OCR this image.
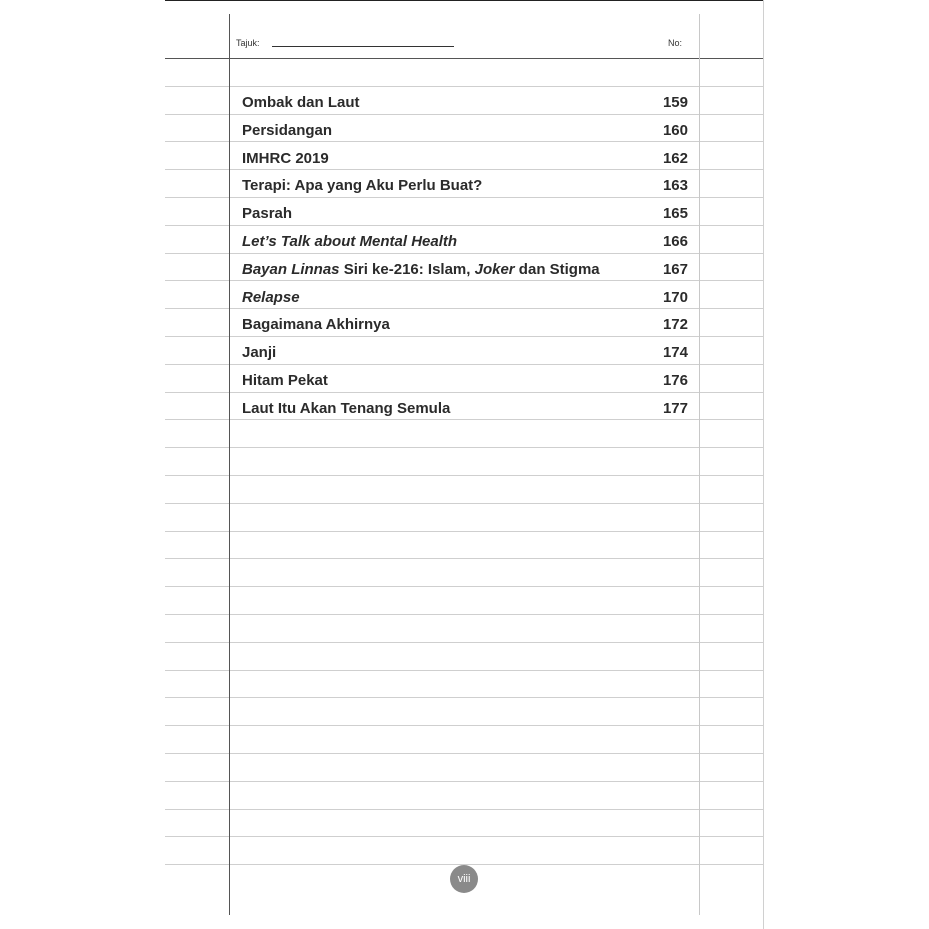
Tajuk:	No:
Ombak dan Laut	159
Persidangan	160
IMHRC 2019	162
Terapi: Apa yang Aku Perlu Buat?	163
Pasrah	165
Let’s Talk about Mental Health	166
Bayan Linnas Siri ke-216: Islam, Joker dan Stigma	167
Relapse	170
Bagaimana Akhirnya	172
Janji	174
Hitam Pekat	176
Laut Itu Akan Tenang Semula	177
viii
